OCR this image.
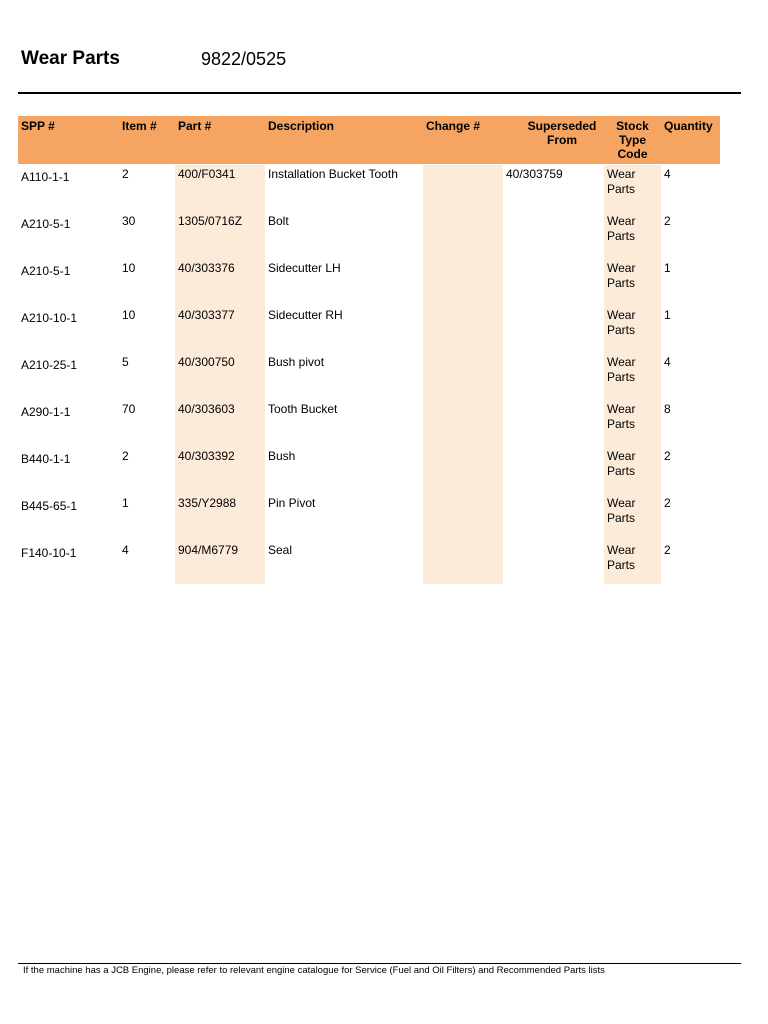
Wear Parts	9822/0525
SPP #	Item #	Part #	Description	Change #	Superseded From	Stock Type Code	Quantity
A110-1-1	2	400/F0341	Installation Bucket Tooth		40/303759	Wear Parts	4
A210-5-1	30	1305/0716Z	Bolt			Wear Parts	2
A210-5-1	10	40/303376	Sidecutter LH			Wear Parts	1
A210-10-1	10	40/303377	Sidecutter RH			Wear Parts	1
A210-25-1	5	40/300750	Bush pivot			Wear Parts	4
A290-1-1	70	40/303603	Tooth Bucket			Wear Parts	8
B440-1-1	2	40/303392	Bush			Wear Parts	2
B445-65-1	1	335/Y2988	Pin Pivot			Wear Parts	2
F140-10-1	4	904/M6779	Seal			Wear Parts	2
If the machine has a JCB Engine, please refer to relevant engine catalogue for Service (Fuel and Oil Filters) and Recommended Parts lists
